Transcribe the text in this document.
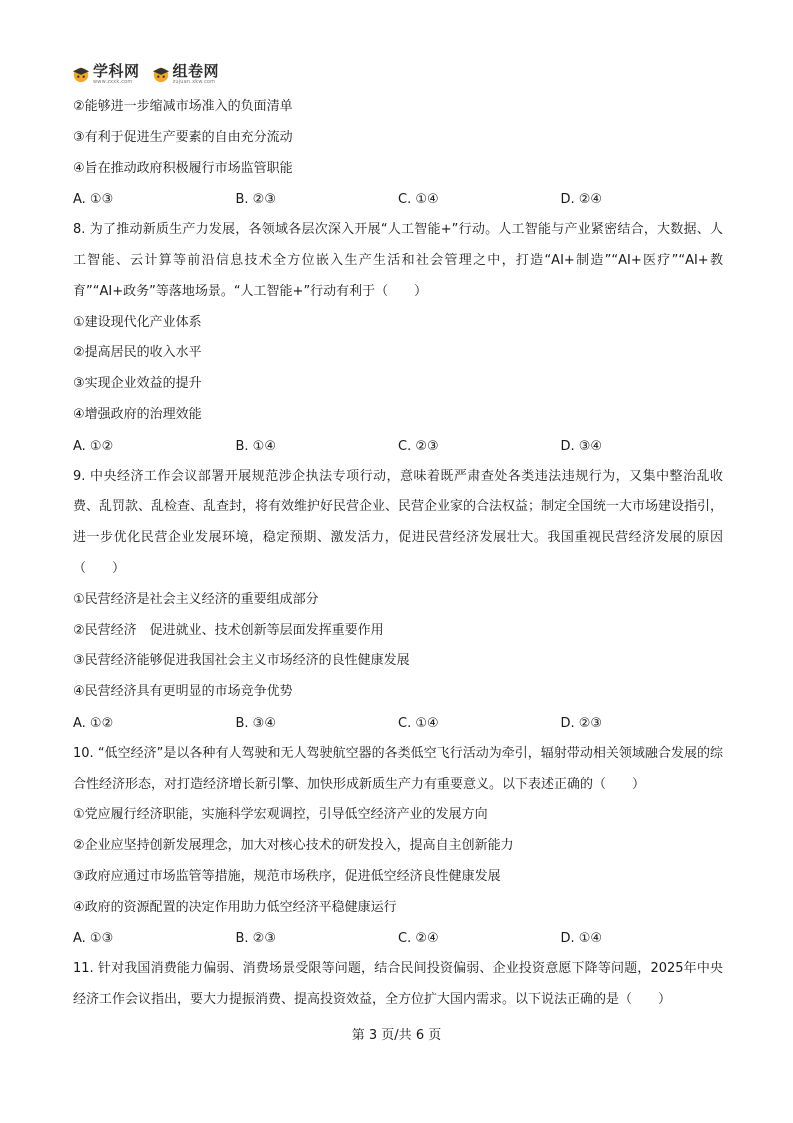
学科网
www.zxxk.com
组卷网
zujuan.xkw.com
②能够进一步缩减市场准入的负面清单
③有利于促进生产要素的自由充分流动
④旨在推动政府积极履行市场监管职能
A. ①③	B. ②③	C. ①④	D. ②④
8. 为了推动新质生产力发展，各领域各层次深入开展“人工智能+”行动。人工智能与产业紧密结合，大数据、人工智能、云计算等前沿信息技术全方位嵌入生产生活和社会管理之中，打造“AI+制造”“AI+医疗”“AI+教育”“AI+政务”等落地场景。“人工智能+”行动有利于（　　）
①建设现代化产业体系
②提高居民的收入水平
③实现企业效益的提升
④增强政府的治理效能
A. ①②	B. ①④	C. ②③	D. ③④
9. 中央经济工作会议部署开展规范涉企执法专项行动，意味着既严肃查处各类违法违规行为，又集中整治乱收费、乱罚款、乱检查、乱查封，将有效维护好民营企业、民营企业家的合法权益；制定全国统一大市场建设指引，进一步优化民营企业发展环境，稳定预期、激发活力，促进民营经济发展壮大。我国重视民营经济发展的原因（　　）
①民营经济是社会主义经济的重要组成部分
②民营经济　促进就业、技术创新等层面发挥重要作用
③民营经济能够促进我国社会主义市场经济的良性健康发展
④民营经济具有更明显的市场竞争优势
A. ①②	B. ③④	C. ①④	D. ②③
10. “低空经济”是以各种有人驾驶和无人驾驶航空器的各类低空飞行活动为牵引，辐射带动相关领域融合发展的综合性经济形态，对打造经济增长新引擎、加快形成新质生产力有重要意义。以下表述正确的（　　）
①党应履行经济职能，实施科学宏观调控，引导低空经济产业的发展方向
②企业应坚持创新发展理念，加大对核心技术的研发投入，提高自主创新能力
③政府应通过市场监管等措施，规范市场秩序，促进低空经济良性健康发展
④政府的资源配置的决定作用助力低空经济平稳健康运行
A. ①③	B. ②③	C. ②④	D. ①④
11. 针对我国消费能力偏弱、消费场景受限等问题，结合民间投资偏弱、企业投资意愿下降等问题，2025年中央经济工作会议指出，要大力提振消费、提高投资效益，全方位扩大国内需求。以下说法正确的是（　　）
第 3 页/共 6 页
